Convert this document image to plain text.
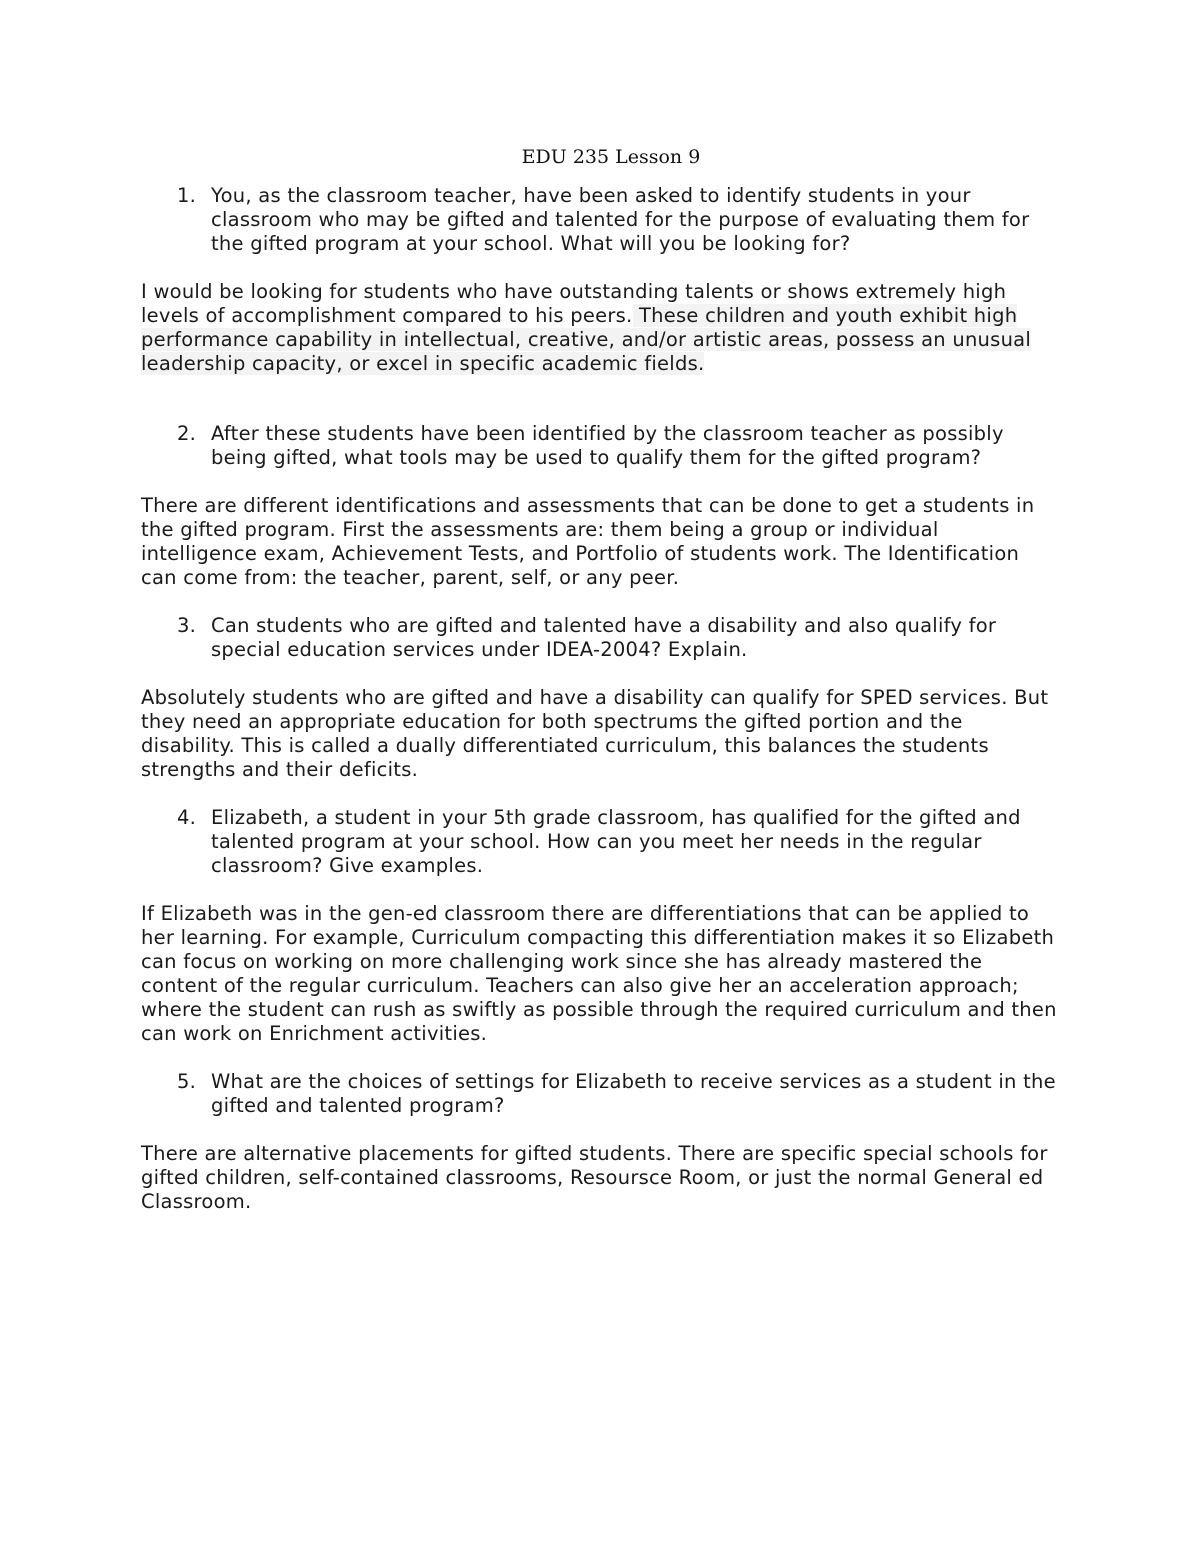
EDU 235 Lesson 9
1. You, as the classroom teacher, have been asked to identify students in your classroom who may be gifted and talented for the purpose of evaluating them for the gifted program at your school. What will you be looking for?
I would be looking for students who have outstanding talents or shows extremely high levels of accomplishment compared to his peers. These children and youth exhibit high performance capability in intellectual, creative, and/or artistic areas, possess an unusual leadership capacity, or excel in specific academic fields.
2. After these students have been identified by the classroom teacher as possibly being gifted, what tools may be used to qualify them for the gifted program?
There are different identifications and assessments that can be done to get a students in the gifted program. First the assessments are: them being a group or individual intelligence exam, Achievement Tests, and Portfolio of students work. The Identification can come from: the teacher, parent, self, or any peer.
3. Can students who are gifted and talented have a disability and also qualify for special education services under IDEA-2004? Explain.
Absolutely students who are gifted and have a disability can qualify for SPED services. But they need an appropriate education for both spectrums the gifted portion and the disability. This is called a dually differentiated curriculum, this balances the students strengths and their deficits.
4. Elizabeth, a student in your 5th grade classroom, has qualified for the gifted and talented program at your school. How can you meet her needs in the regular classroom? Give examples.
If Elizabeth was in the gen-ed classroom there are differentiations that can be applied to her learning. For example, Curriculum compacting this differentiation makes it so Elizabeth can focus on working on more challenging work since she has already mastered the content of the regular curriculum. Teachers can also give her an acceleration approach; where the student can rush as swiftly as possible through the required curriculum and then can work on Enrichment activities.
5. What are the choices of settings for Elizabeth to receive services as a student in the gifted and talented program?
There are alternative placements for gifted students. There are specific special schools for gifted children, self-contained classrooms, Resoursce Room, or just the normal General ed Classroom.
